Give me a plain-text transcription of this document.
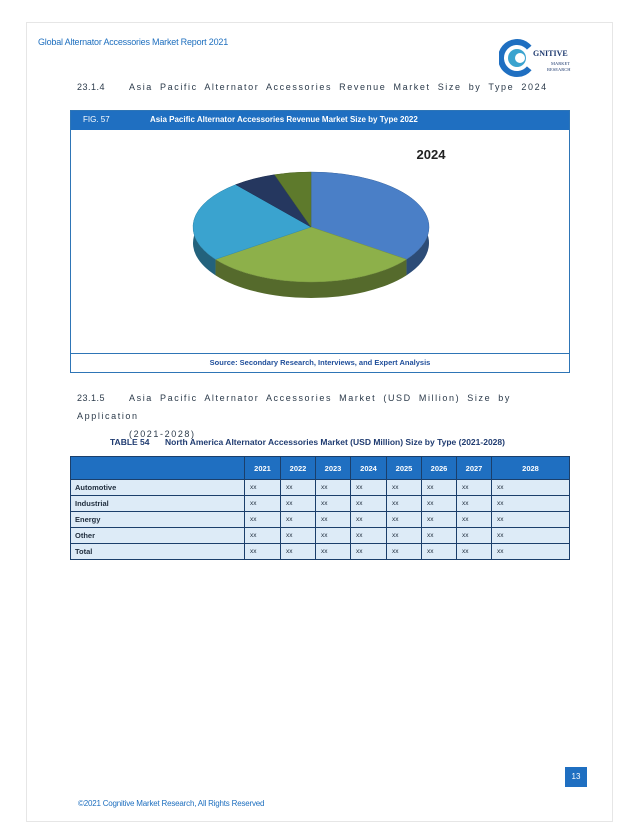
Global Alternator Accessories Market Report 2021
GNITIVE
MARKET
RESEARCH
23.1.4	Asia Pacific Alternator Accessories Revenue Market Size by Type 2024
FIG. 57	Asia Pacific Alternator Accessories Revenue Market Size by Type 2022
2024
Source: Secondary Research, Interviews, and Expert Analysis
23.1.5	Asia Pacific Alternator Accessories Market (USD Million) Size by Application
(2021-2028)
TABLE 54 North America Alternator Accessories Market (USD Million) Size by Type (2021-2028)
	2021	2022	2023	2024	2025	2026	2027	2028
Automotive	xx	xx	xx	xx	xx	xx	xx	xx
Industrial	xx	xx	xx	xx	xx	xx	xx	xx
Energy	xx	xx	xx	xx	xx	xx	xx	xx
Other	xx	xx	xx	xx	xx	xx	xx	xx
Total	xx	xx	xx	xx	xx	xx	xx	xx
13
©2021 Cognitive Market Research, All Rights Reserved
